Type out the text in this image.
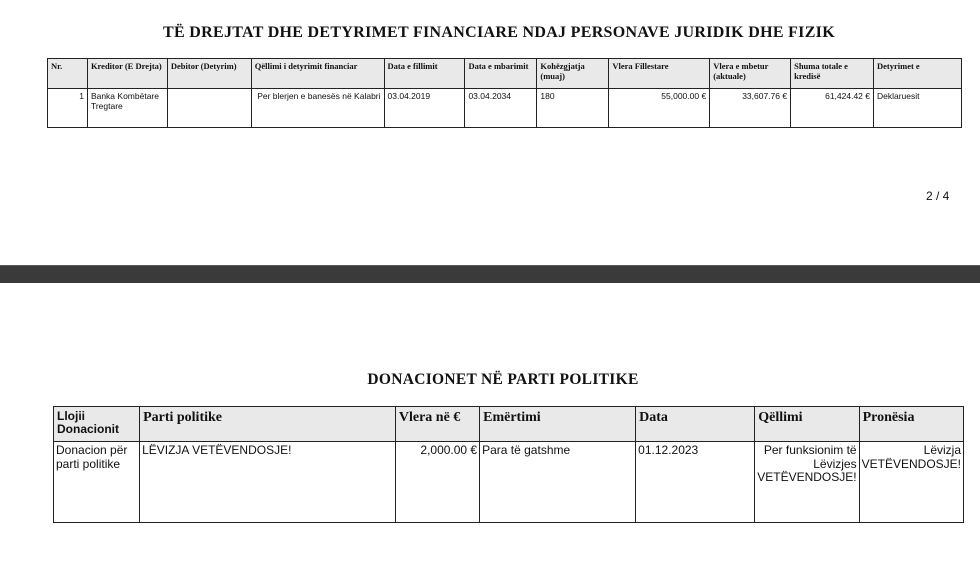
TË DREJTAT DHE DETYRIMET FINANCIARE NDAJ PERSONAVE JURIDIK DHE FIZIK
Nr.	Kreditor (E Drejta)	Debitor (Detyrim)	Qëllimi i detyrimit financiar	Data e fillimit	Data e mbarimit	Kohëzgjatja (muaj)	Vlera Fillestare	Vlera e mbetur (aktuale)	Shuma totale e kredisë	Detyrimet e
1	Banka Kombëtare Tregtare		Per blerjen e banesës në Kalabri	03.04.2019	03.04.2034	180	55,000.00 €	33,607.76 €	61,424.42 €	Deklaruesit
2 / 4
DONACIONET NË PARTI POLITIKE
Llojii Donacionit	Parti politike	Vlera në €	Emërtimi	Data	Qëllimi	Pronësia
Donacion për parti politike	LËVIZJA VETËVENDOSJE!	2,000.00 €	Para të gatshme	01.12.2023	Per funksionim të Lëvizjes VETËVENDOSJE!	Lëvizja VETËVENDOSJE!
